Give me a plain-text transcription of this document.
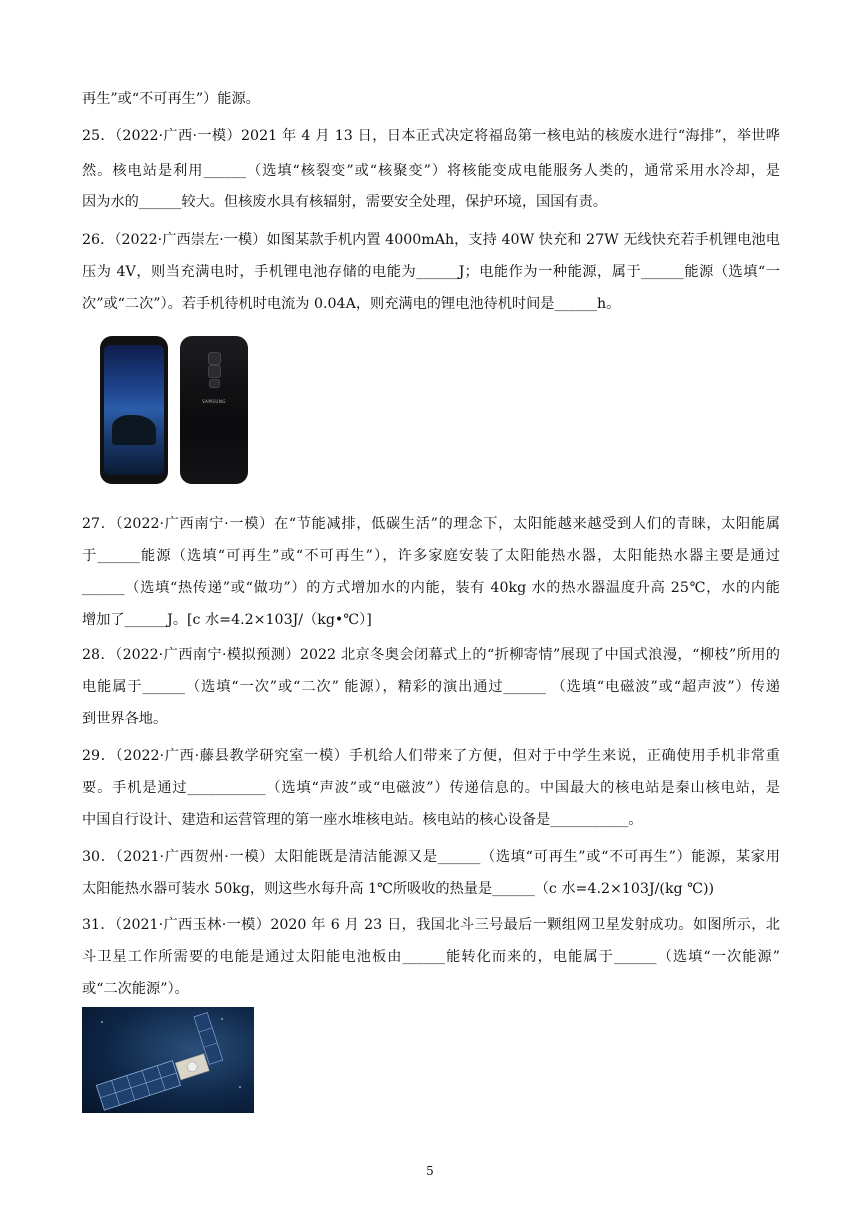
再生”或“不可再生”）能源。
25．（2022·广西·一模）2021 年 4 月 13 日，日本正式决定将福岛第一核电站的核废水进行“海排”，举世哗
然。核电站是利用______（选填“核裂变”或“核聚变”）将核能变成电能服务人类的，通常采用水冷却，是
因为水的______较大。但核废水具有核辐射，需要安全处理，保护环境，国国有责。
26．（2022·广西崇左·一模）如图某款手机内置 4000mAh，支持 40W 快充和 27W 无线快充若手机锂电池电
压为 4V，则当充满电时，手机锂电池存储的电能为______J；电能作为一种能源，属于______能源（选填“一
次”或“二次”）。若手机待机时电流为 0.04A，则充满电的锂电池待机时间是______h。
SAMSUNG
27．（2022·广西南宁·一模）在“节能减排，低碳生活”的理念下，太阳能越来越受到人们的青睐，太阳能属
于______能源（选填“可再生”或“不可再生”），许多家庭安装了太阳能热水器，太阳能热水器主要是通过
______（选填“热传递”或“做功”）的方式增加水的内能，装有 40kg 水的热水器温度升高 25℃，水的内能
增加了______J。[c 水=4.2×103J/（kg•℃）]
28．（2022·广西南宁·模拟预测）2022 北京冬奥会闭幕式上的“折柳寄情”展现了中国式浪漫，“柳枝”所用的
电能属于______（选填“一次”或“二次” 能源），精彩的演出通过______ （选填“电磁波”或“超声波”）传递
到世界各地。
29．（2022·广西·藤县教学研究室一模）手机给人们带来了方便，但对于中学生来说，正确使用手机非常重
要。手机是通过___________（选填“声波”或“电磁波”）传递信息的。中国最大的核电站是秦山核电站，是
中国自行设计、建造和运营管理的第一座水堆核电站。核电站的核心设备是___________。
30．（2021·广西贺州·一模）太阳能既是清洁能源又是______（选填“可再生”或“不可再生”）能源，某家用
太阳能热水器可装水 50kg，则这些水每升高 1℃所吸收的热量是______（c 水=4.2×103J/(kg ℃))
31．（2021·广西玉林·一模）2020 年 6 月 23 日，我国北斗三号最后一颗组网卫星发射成功。如图所示，北
斗卫星工作所需要的电能是通过太阳能电池板由______能转化而来的，电能属于______（选填“一次能源”
或“二次能源”）。
5
